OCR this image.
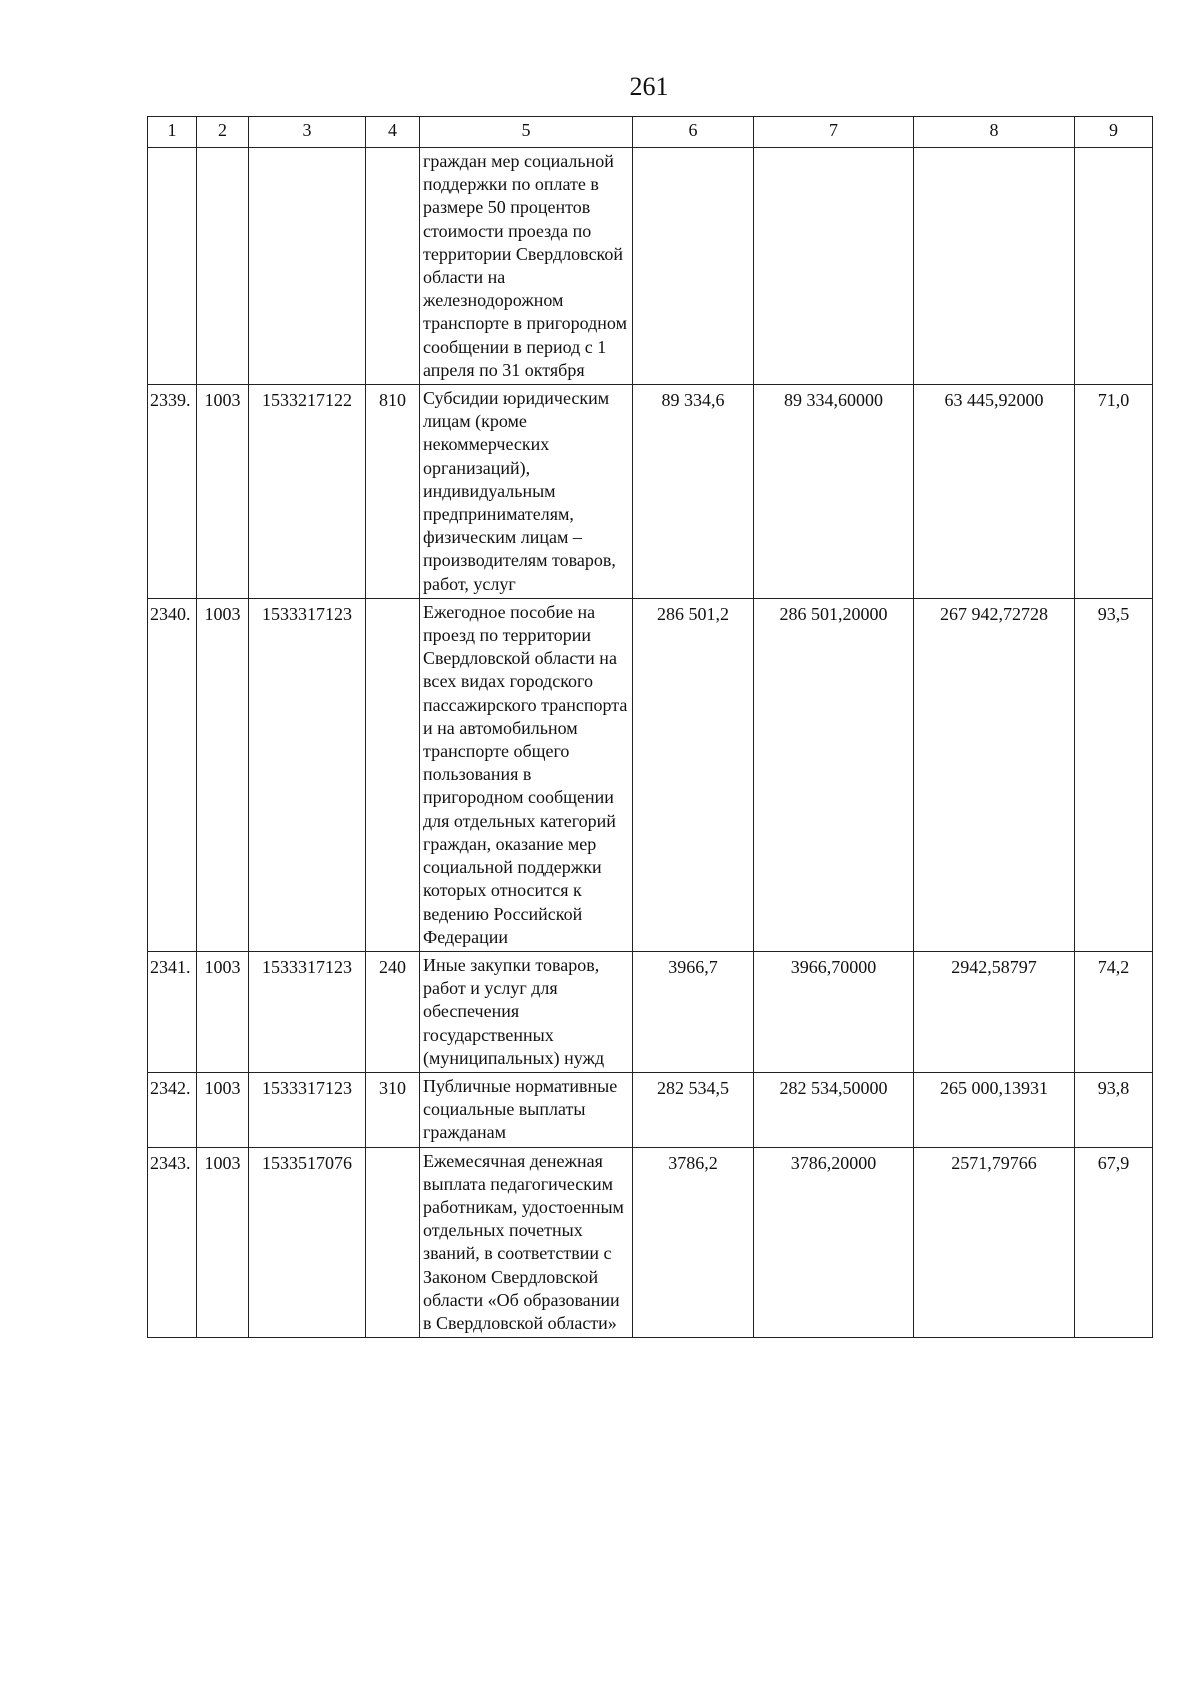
261
1	2	3	4	5	6	7	8	9
				граждан мер социальной поддержки по оплате в размере 50 процентов стоимости проезда по территории Свердловской области на железнодорожном транспорте в пригородном сообщении в период с 1 апреля по 31 октября				
2339.	1003	1533217122	810	Субсидии юридическим лицам (кроме некоммерческих организаций), индивидуальным предпринимателям, физическим лицам – производителям товаров, работ, услуг	89 334,6	89 334,60000	63 445,92000	71,0
2340.	1003	1533317123		Ежегодное пособие на проезд по территории Свердловской области на всех видах городского пассажирского транспорта и на автомобильном транспорте общего пользования в пригородном сообщении для отдельных категорий граждан, оказание мер социальной поддержки которых относится к ведению Российской Федерации	286 501,2	286 501,20000	267 942,72728	93,5
2341.	1003	1533317123	240	Иные закупки товаров, работ и услуг для обеспечения государственных (муниципальных) нужд	3966,7	3966,70000	2942,58797	74,2
2342.	1003	1533317123	310	Публичные нормативные социальные выплаты гражданам	282 534,5	282 534,50000	265 000,13931	93,8
2343.	1003	1533517076		Ежемесячная денежная выплата педагогическим работникам, удостоенным отдельных почетных званий, в соответствии с Законом Свердловской области «Об образовании в Свердловской области»	3786,2	3786,20000	2571,79766	67,9
